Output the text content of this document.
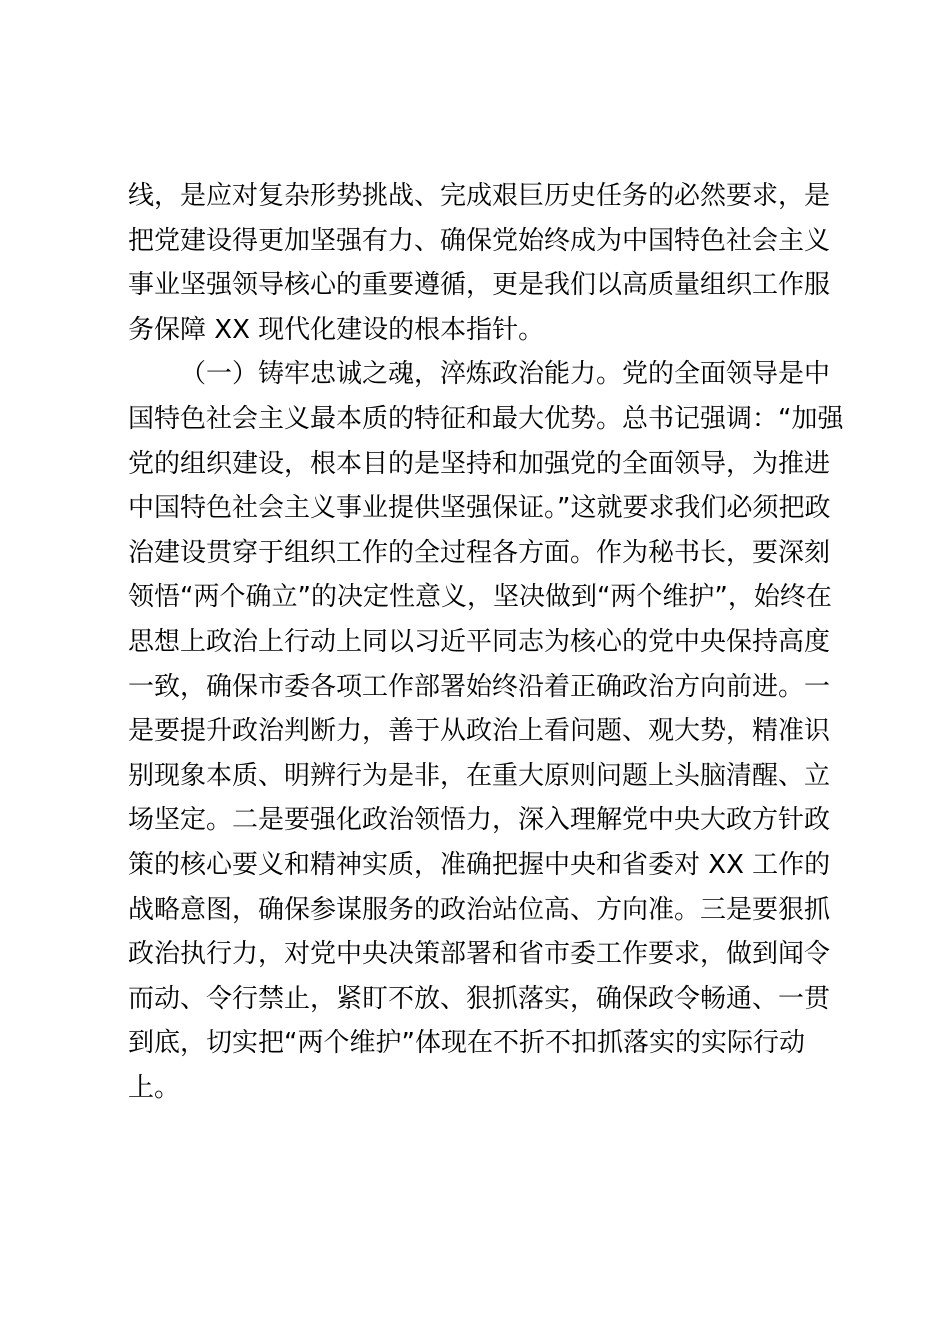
线，是应对复杂形势挑战、完成艰巨历史任务的必然要求，是
把党建设得更加坚强有力、确保党始终成为中国特色社会主义
事业坚强领导核心的重要遵循，更是我们以高质量组织工作服
务保障 XX 现代化建设的根本指针。
（一）铸牢忠诚之魂，淬炼政治能力。党的全面领导是中
国特色社会主义最本质的特征和最大优势。总书记强调：“加强
党的组织建设，根本目的是坚持和加强党的全面领导，为推进
中国特色社会主义事业提供坚强保证。”这就要求我们必须把政
治建设贯穿于组织工作的全过程各方面。作为秘书长，要深刻
领悟“两个确立”的决定性意义，坚决做到“两个维护”，始终在
思想上政治上行动上同以习近平同志为核心的党中央保持高度
一致，确保市委各项工作部署始终沿着正确政治方向前进。一
是要提升政治判断力，善于从政治上看问题、观大势，精准识
别现象本质、明辨行为是非，在重大原则问题上头脑清醒、立
场坚定。二是要强化政治领悟力，深入理解党中央大政方针政
策的核心要义和精神实质，准确把握中央和省委对 XX 工作的
战略意图，确保参谋服务的政治站位高、方向准。三是要狠抓
政治执行力，对党中央决策部署和省市委工作要求，做到闻令
而动、令行禁止，紧盯不放、狠抓落实，确保政令畅通、一贯
到底，切实把“两个维护”体现在不折不扣抓落实的实际行动
上。
